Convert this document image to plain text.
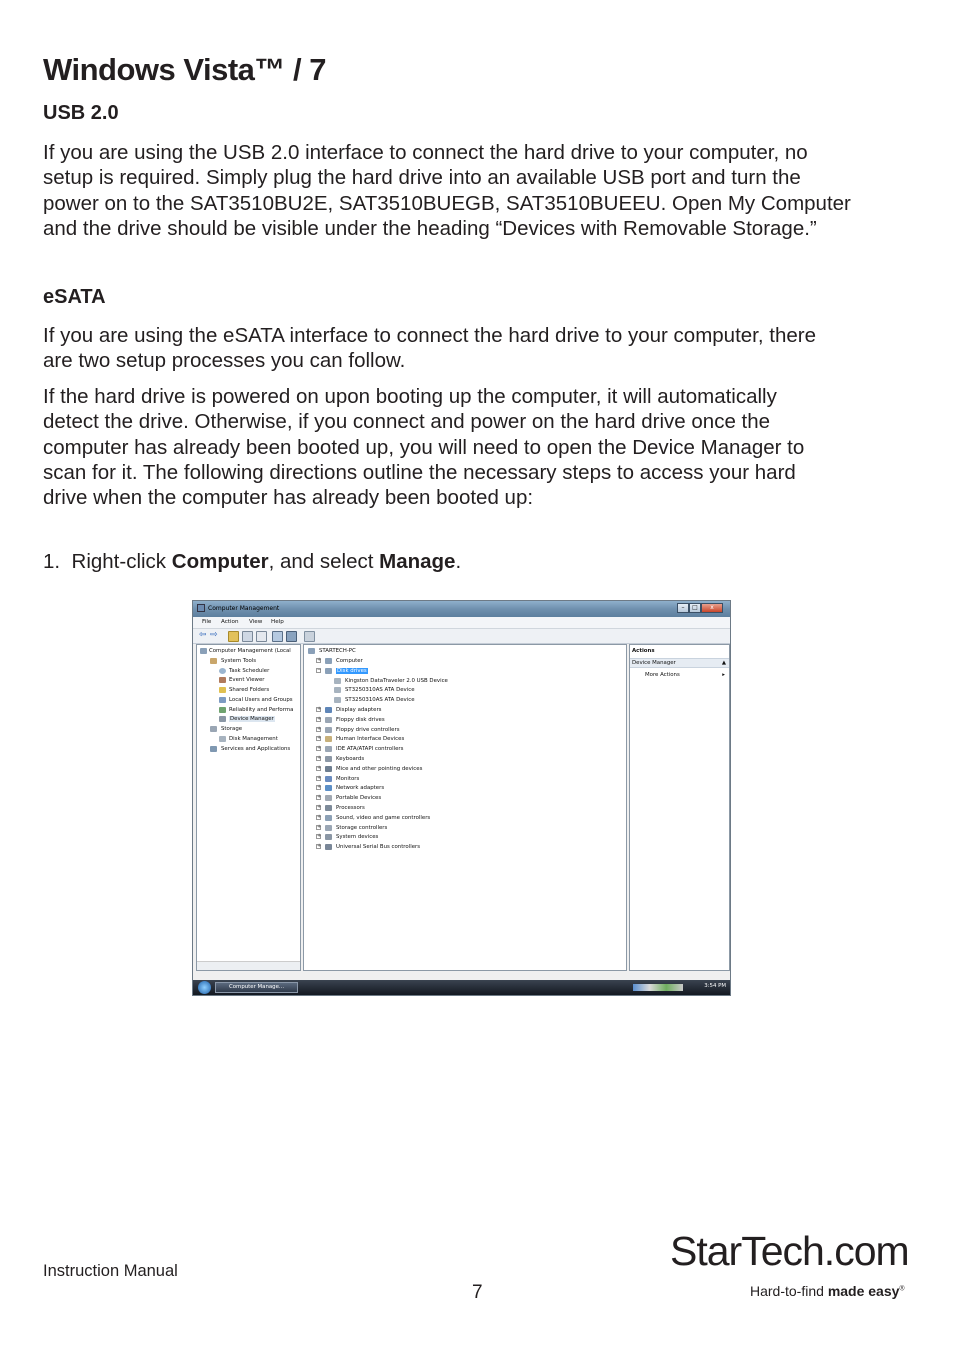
Windows Vista™ / 7
USB 2.0

If you are using the USB 2.0 interface to connect the hard drive to your computer, no
setup is required. Simply plug the hard drive into an available USB port and turn the
power on to the SAT3510BU2E, SAT3510BUEGB, SAT3510BUEEU. Open My Computer
and the drive should be visible under the heading “Devices with Removable Storage.”

eSATA

If you are using the eSATA interface to connect the hard drive to your computer, there
are two setup processes you can follow.

If the hard drive is powered on upon booting up the computer, it will automatically
detect the drive. Otherwise, if you connect and power on the hard drive once the
computer has already been booted up, you will need to open the Device Manager to
scan for it. The following directions outline the necessary steps to access your hard
drive when the computer has already been booted up:

1. Right-click Computer, and select Manage.

Computer Management	–	□	x
File Action View Help
⇦ ⇨
Computer Management (Local
System Tools
Task Scheduler
Event Viewer
Shared Folders
Local Users and Groups
Reliability and Performa
Device Manager
Storage
Disk Management
Services and Applications
STARTECH-PC
+	Computer
−	Disk drives
Kingston DataTraveler 2.0 USB Device
ST3250310AS ATA Device
ST3250310AS ATA Device
+	Display adapters
+	Floppy disk drives
+	Floppy drive controllers
+	Human Interface Devices
+	IDE ATA/ATAPI controllers
+	Keyboards
+	Mice and other pointing devices
+	Monitors
+	Network adapters
+	Portable Devices
+	Processors
+	Sound, video and game controllers
+	Storage controllers
+	System devices
+	Universal Serial Bus controllers
Actions
Device Manager	▲
More Actions	▸
Computer Manage...	3:54 PM
Instruction Manual
7
StarTech.com
Hard-to-find made easy®
